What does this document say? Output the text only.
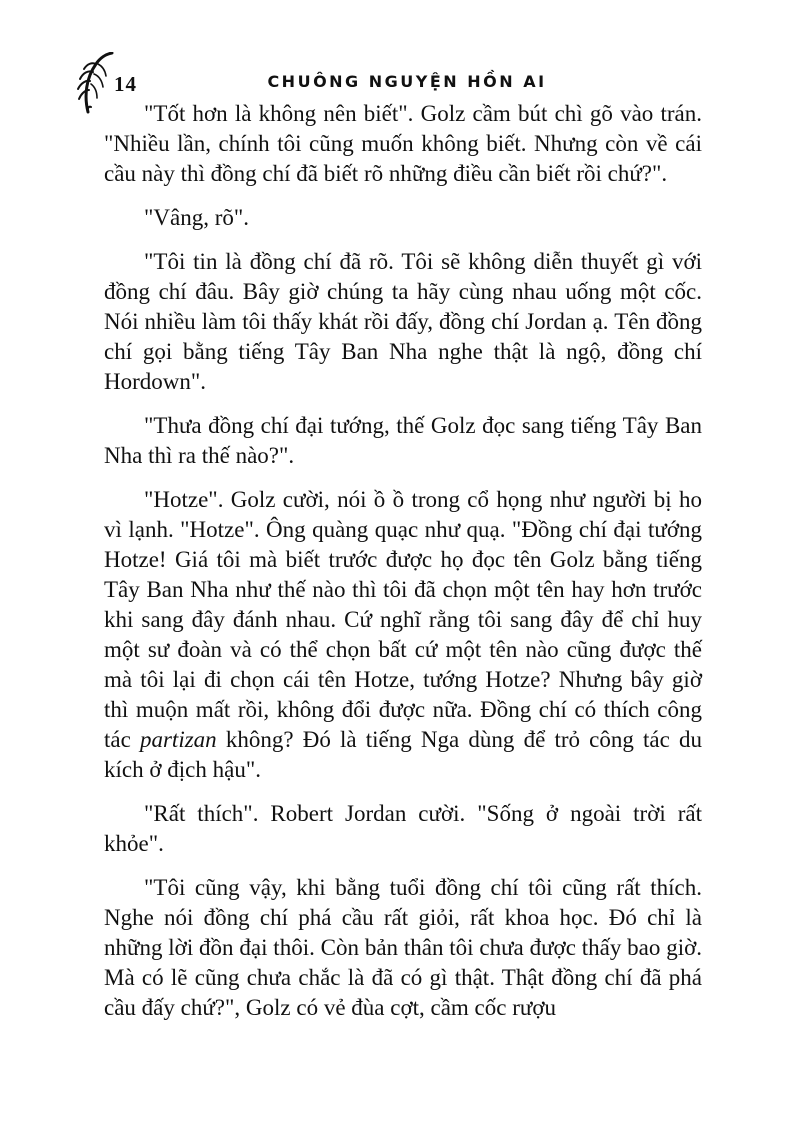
14	CHUÔNG NGUYỆN HỒN AI

"Tốt hơn là không nên biết". Golz cầm bút chì gõ vào trán. "Nhiều lần, chính tôi cũng muốn không biết. Nhưng còn về cái cầu này thì đồng chí đã biết rõ những điều cần biết rồi chứ?".

"Vâng, rõ".

"Tôi tin là đồng chí đã rõ. Tôi sẽ không diễn thuyết gì với đồng chí đâu. Bây giờ chúng ta hãy cùng nhau uống một cốc. Nói nhiều làm tôi thấy khát rồi đấy, đồng chí Jordan ạ. Tên đồng chí gọi bằng tiếng Tây Ban Nha nghe thật là ngộ, đồng chí Hordown".

"Thưa đồng chí đại tướng, thế Golz đọc sang tiếng Tây Ban Nha thì ra thế nào?".

"Hotze". Golz cười, nói ồ ồ trong cổ họng như người bị ho vì lạnh. "Hotze". Ông quàng quạc như quạ. "Đồng chí đại tướng Hotze! Giá tôi mà biết trước được họ đọc tên Golz bằng tiếng Tây Ban Nha như thế nào thì tôi đã chọn một tên hay hơn trước khi sang đây đánh nhau. Cứ nghĩ rằng tôi sang đây để chỉ huy một sư đoàn và có thể chọn bất cứ một tên nào cũng được thế mà tôi lại đi chọn cái tên Hotze, tướng Hotze? Nhưng bây giờ thì muộn mất rồi, không đổi được nữa. Đồng chí có thích công tác partizan không? Đó là tiếng Nga dùng để trỏ công tác du kích ở địch hậu".

"Rất thích". Robert Jordan cười. "Sống ở ngoài trời rất khỏe".

"Tôi cũng vậy, khi bằng tuổi đồng chí tôi cũng rất thích. Nghe nói đồng chí phá cầu rất giỏi, rất khoa học. Đó chỉ là những lời đồn đại thôi. Còn bản thân tôi chưa được thấy bao giờ. Mà có lẽ cũng chưa chắc là đã có gì thật. Thật đồng chí đã phá cầu đấy chứ?", Golz có vẻ đùa cợt, cầm cốc rượu
